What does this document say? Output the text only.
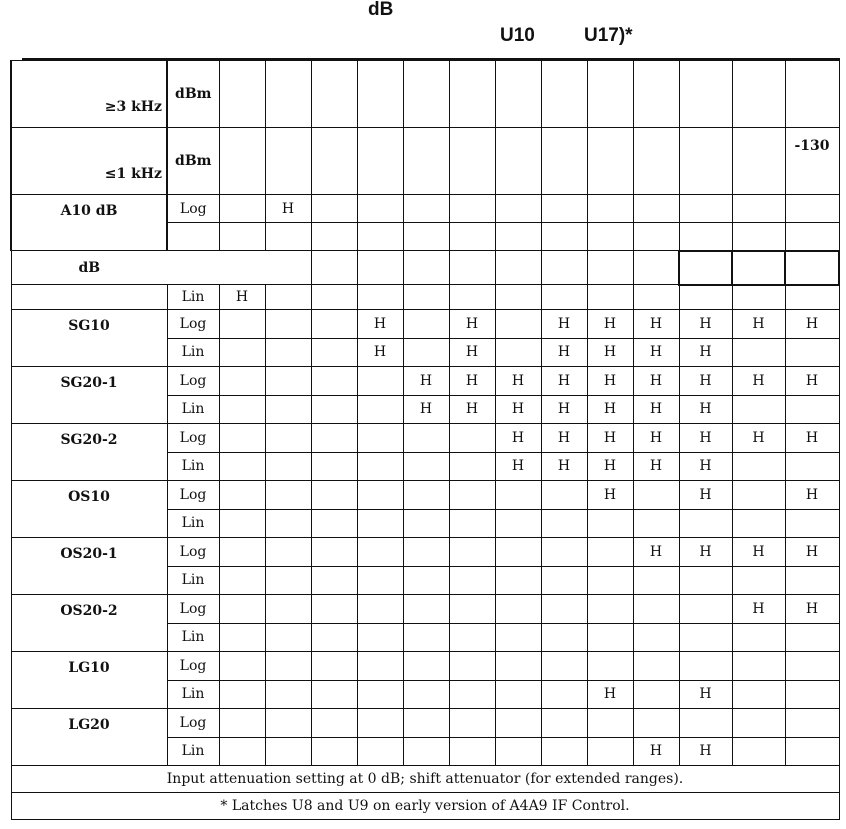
dB
U10	U17)*
≥3 kHz	dBm													
≤1 kHz	dBm													-130
A10 dB	Log		H											

dB														
	Lin	H												
SG10	Log				H		H		H	H	H	H	H	H
	Lin				H		H		H	H	H	H		
SG20-1	Log					H	H	H	H	H	H	H	H	H
	Lin					H	H	H	H	H	H	H		
SG20-2	Log							H	H	H	H	H	H	H
	Lin							H	H	H	H	H		
OS10	Log									H		H		H
	Lin													
OS20-1	Log										H	H	H	H
	Lin													
OS20-2	Log												H	H
	Lin													
LG10	Log													
	Lin									H		H		
LG20	Log													
	Lin										H	H		
Input attenuation setting at 0 dB; shift attenuator (for extended ranges).														
* Latches U8 and U9 on early version of A4A9 IF Control.														
